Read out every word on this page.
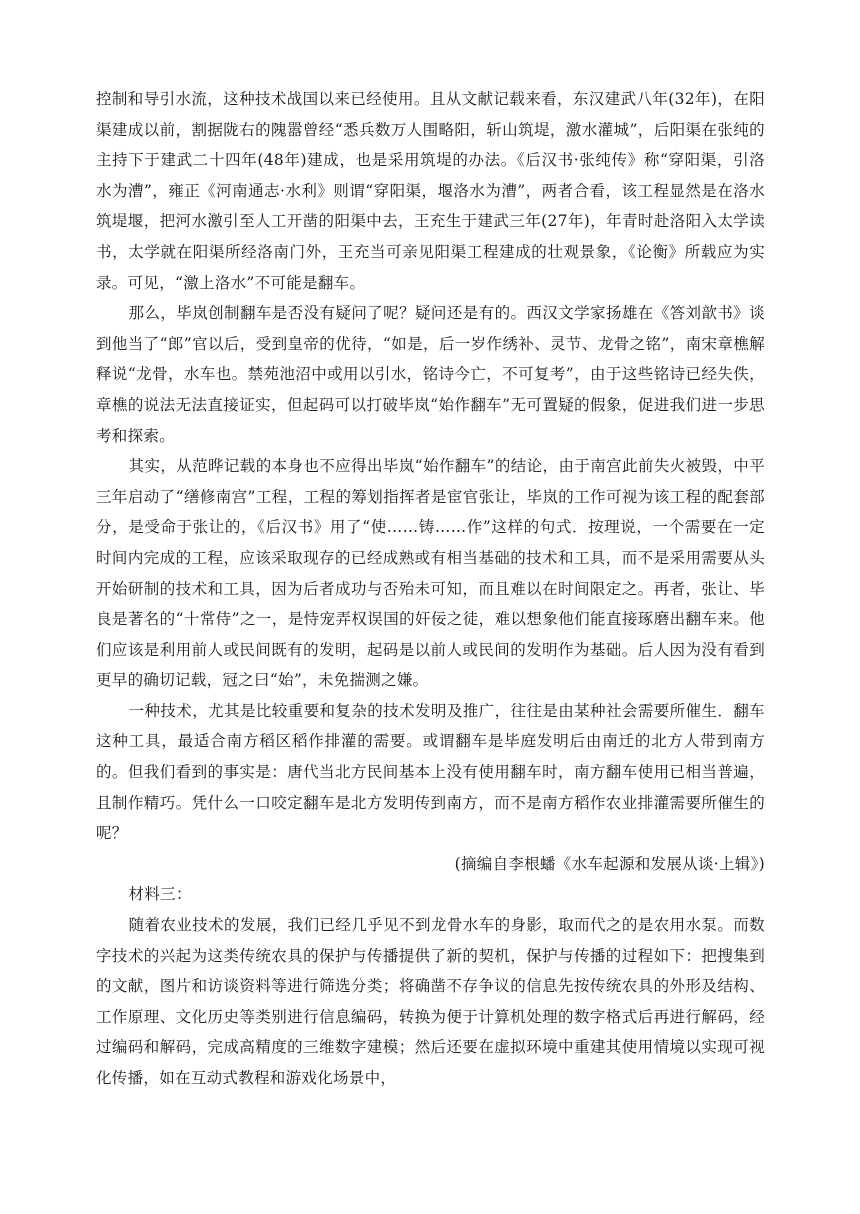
控制和导引水流，这种技术战国以来已经使用。且从文献记载来看，东汉建武八年(32年)，在阳渠建成以前，割据陇右的隗嚣曾经“悉兵数万人围略阳，斩山筑堤，激水灌城”，后阳渠在张纯的主持下于建武二十四年(48年)建成，也是采用筑堤的办法。《后汉书·张纯传》称“穿阳渠，引洛水为漕”，雍正《河南通志·水利》则谓“穿阳渠，堰洛水为漕”，两者合看，该工程显然是在洛水筑堤堰，把河水激引至人工开凿的阳渠中去，王充生于建武三年(27年)，年青时赴洛阳入太学读书，太学就在阳渠所经洛南门外，王充当可亲见阳渠工程建成的壮观景象，《论衡》所载应为实录。可见，“激上洛水”不可能是翻车。

那么，毕岚创制翻车是否没有疑问了呢？疑问还是有的。西汉文学家扬雄在《答刘歆书》谈到他当了“郎”官以后，受到皇帝的优待，“如是，后一岁作绣补、灵节、龙骨之铭”，南宋章樵解释说“龙骨，水车也。禁苑池沼中或用以引水，铭诗今亡，不可复考”，由于这些铭诗已经失佚，章樵的说法无法直接证实，但起码可以打破毕岚“始作翻车”无可置疑的假象，促进我们进一步思考和探索。

其实，从范晔记载的本身也不应得出毕岚“始作翻车”的结论，由于南宫此前失火被毁，中平三年启动了“缮修南宫”工程，工程的筹划指挥者是宦官张让，毕岚的工作可视为该工程的配套部分，是受命于张让的，《后汉书》用了“使……铸……作”这样的句式．按理说，一个需要在一定时间内完成的工程，应该采取现存的已经成熟或有相当基础的技术和工具，而不是采用需要从头开始研制的技术和工具，因为后者成功与否殆未可知，而且难以在时间限定之。再者，张让、毕良是著名的“十常侍”之一，是恃宠弄权误国的奸佞之徒，难以想象他们能直接琢磨出翻车来。他们应该是利用前人或民间既有的发明，起码是以前人或民间的发明作为基础。后人因为没有看到更早的确切记载，冠之曰“始”，未免揣测之嫌。

一种技术，尤其是比较重要和复杂的技术发明及推广，往往是由某种社会需要所催生．翻车这种工具，最适合南方稻区稻作排灌的需要。或谓翻车是毕庭发明后由南迁的北方人带到南方的。但我们看到的事实是：唐代当北方民间基本上没有使用翻车时，南方翻车使用已相当普遍，且制作精巧。凭什么一口咬定翻车是北方发明传到南方，而不是南方稻作农业排灌需要所催生的呢？

(摘编自李根蟠《水车起源和发展从谈·上辑》)

材料三：

随着农业技术的发展，我们已经几乎见不到龙骨水车的身影，取而代之的是农用水泵。而数字技术的兴起为这类传统农具的保护与传播提供了新的契机，保护与传播的过程如下：把搜集到的文献，图片和访谈资料等进行筛选分类；将确凿不存争议的信息先按传统农具的外形及结构、工作原理、文化历史等类别进行信息编码，转换为便于计算机处理的数字格式后再进行解码，经过编码和解码，完成高精度的三维数字建模；然后还要在虚拟环境中重建其使用情境以实现可视化传播，如在互动式教程和游戏化场景中，
